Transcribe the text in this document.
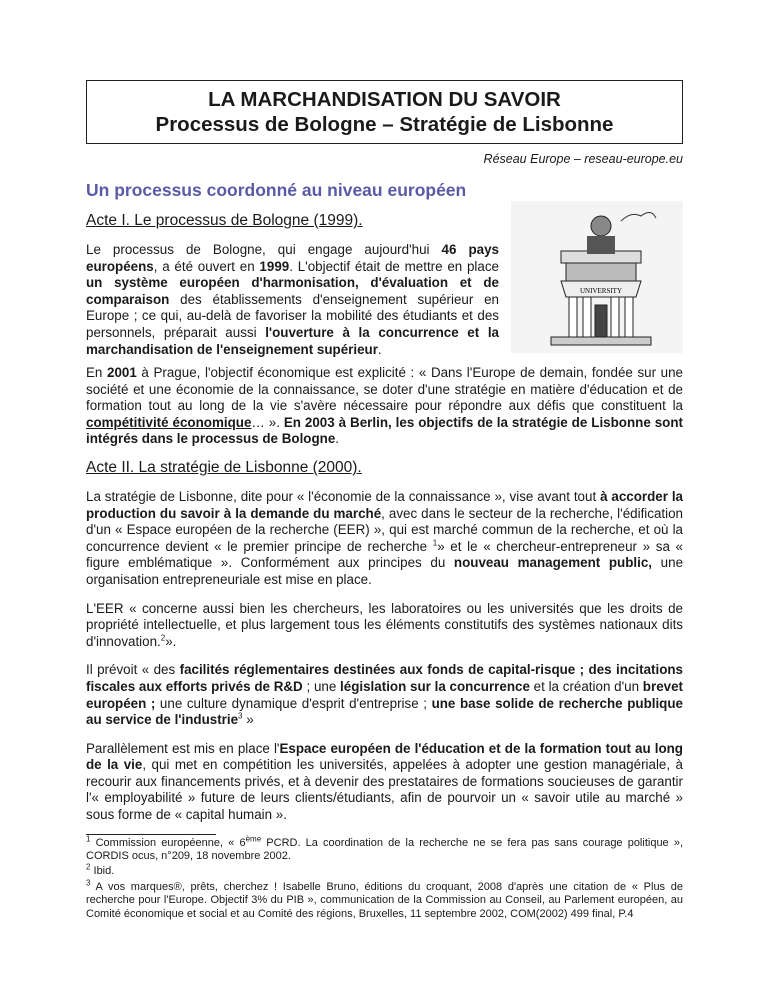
LA MARCHANDISATION DU SAVOIR
Processus de Bologne – Stratégie de Lisbonne
Réseau Europe – reseau-europe.eu
Un processus coordonné au niveau européen
UNIVERSITY
Acte I. Le processus de Bologne (1999).
Le processus de Bologne, qui engage aujourd'hui 46 pays européens, a été ouvert en 1999. L'objectif était de mettre en place un système européen d'harmonisation, d'évaluation et de comparaison des établissements d'enseignement supérieur en Europe ; ce qui, au-delà de favoriser la mobilité des étudiants et des personnels, préparait aussi l'ouverture à la concurrence et la marchandisation de l'enseignement supérieur.
En 2001 à Prague, l'objectif économique est explicité : « Dans l'Europe de demain, fondée sur une société et une économie de la connaissance, se doter d'une stratégie en matière d'éducation et de formation tout au long de la vie s'avère nécessaire pour répondre aux défis que constituent la compétitivité économique… ». En 2003 à Berlin, les objectifs de la stratégie de Lisbonne sont intégrés dans le processus de Bologne.
Acte II. La stratégie de Lisbonne (2000).
La stratégie de Lisbonne, dite pour « l'économie de la connaissance », vise avant tout à accorder la production du savoir à la demande du marché, avec dans le secteur de la recherche, l'édification d'un « Espace européen de la recherche (EER) », qui est marché commun de la recherche, et où la concurrence devient « le premier principe de recherche $^1$» et le « chercheur-entrepreneur » sa « figure emblématique ». Conformément aux principes du nouveau management public, une organisation entrepreneuriale est mise en place.
L'EER « concerne aussi bien les chercheurs, les laboratoires ou les universités que les droits de propriété intellectuelle, et plus largement tous les éléments constitutifs des systèmes nationaux dits d'innovation.$^2$».
Il prévoit « des facilités réglementaires destinées aux fonds de capital-risque ; des incitations fiscales aux efforts privés de R&D ; une législation sur la concurrence et la création d'un brevet européen ; une culture dynamique d'esprit d'entreprise ; une base solide de recherche publique au service de l'industrie$^3$ »
Parallèlement est mis en place l'Espace européen de l'éducation et de la formation tout au long de la vie, qui met en compétition les universités, appelées à adopter une gestion managériale, à recourir aux financements privés, et à devenir des prestataires de formations soucieuses de garantir l'« employabilité » future de leurs clients/étudiants, afin de pourvoir un « savoir utile au marché » sous forme de « capital humain ».
$^1$ Commission européenne, « 6ème PCRD. La coordination de la recherche ne se fera pas sans courage politique », CORDIS ocus, n°209, 18 novembre 2002.
$^2$ Ibid.
$^3$ A vos marques®, prêts, cherchez ! Isabelle Bruno, éditions du croquant, 2008 d'après une citation de « Plus de recherche pour l'Europe. Objectif 3% du PIB », communication de la Commission au Conseil, au Parlement européen, au Comité économique et social et au Comité des régions, Bruxelles, 11 septembre 2002, COM(2002) 499 final, P.4
